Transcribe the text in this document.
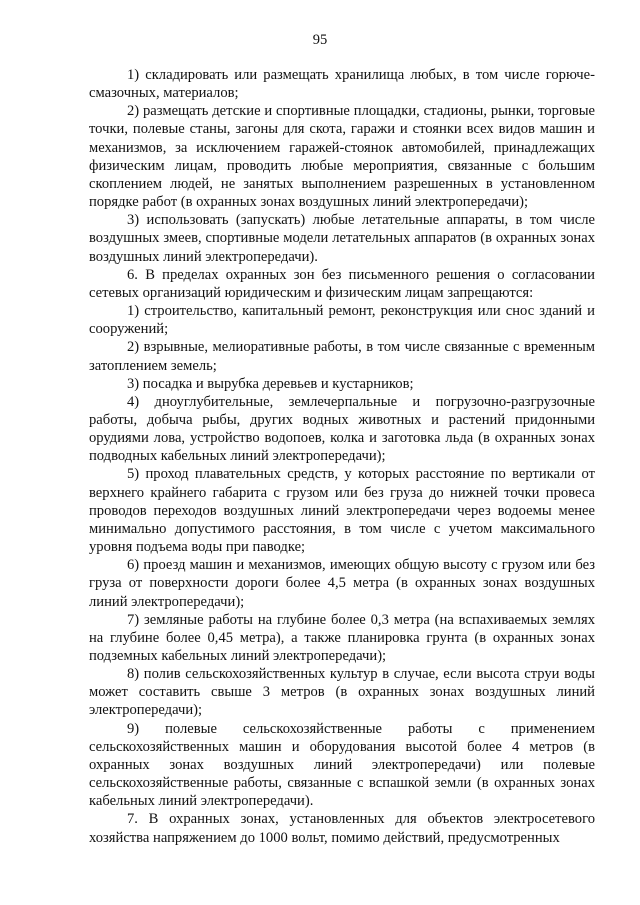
95

1) складировать или размещать хранилища любых, в том числе горюче-смазочных, материалов;

2) размещать детские и спортивные площадки, стадионы, рынки, торговые точки, полевые станы, загоны для скота, гаражи и стоянки всех видов машин и механизмов, за исключением гаражей-стоянок автомобилей, принадлежащих физическим лицам, проводить любые мероприятия, связанные с большим скоплением людей, не занятых выполнением разрешенных в установленном порядке работ (в охранных зонах воздушных линий электропередачи);

3) использовать (запускать) любые летательные аппараты, в том числе воздушных змеев, спортивные модели летательных аппаратов (в охранных зонах воздушных линий электропередачи).

6. В пределах охранных зон без письменного решения о согласовании сетевых организаций юридическим и физическим лицам запрещаются:

1) строительство, капитальный ремонт, реконструкция или снос зданий и сооружений;

2) взрывные, мелиоративные работы, в том числе связанные с временным затоплением земель;

3) посадка и вырубка деревьев и кустарников;

4) дноуглубительные, землечерпальные и погрузочно-разгрузочные работы, добыча рыбы, других водных животных и растений придонными орудиями лова, устройство водопоев, колка и заготовка льда (в охранных зонах подводных кабельных линий электропередачи);

5) проход плавательных средств, у которых расстояние по вертикали от верхнего крайнего габарита с грузом или без груза до нижней точки провеса проводов переходов воздушных линий электропередачи через водоемы менее минимально допустимого расстояния, в том числе с учетом максимального уровня подъема воды при паводке;

6) проезд машин и механизмов, имеющих общую высоту с грузом или без груза от поверхности дороги более 4,5 метра (в охранных зонах воздушных линий электропередачи);

7) земляные работы на глубине более 0,3 метра (на вспахиваемых землях на глубине более 0,45 метра), а также планировка грунта (в охранных зонах подземных кабельных линий электропередачи);

8) полив сельскохозяйственных культур в случае, если высота струи воды может составить свыше 3 метров (в охранных зонах воздушных линий электропередачи);

9) полевые сельскохозяйственные работы с применением сельскохозяйственных машин и оборудования высотой более 4 метров (в охранных зонах воздушных линий электропередачи) или полевые сельскохозяйственные работы, связанные с вспашкой земли (в охранных зонах кабельных линий электропередачи).

7. В охранных зонах, установленных для объектов электросетевого хозяйства напряжением до 1000 вольт, помимо действий, предусмотренных
